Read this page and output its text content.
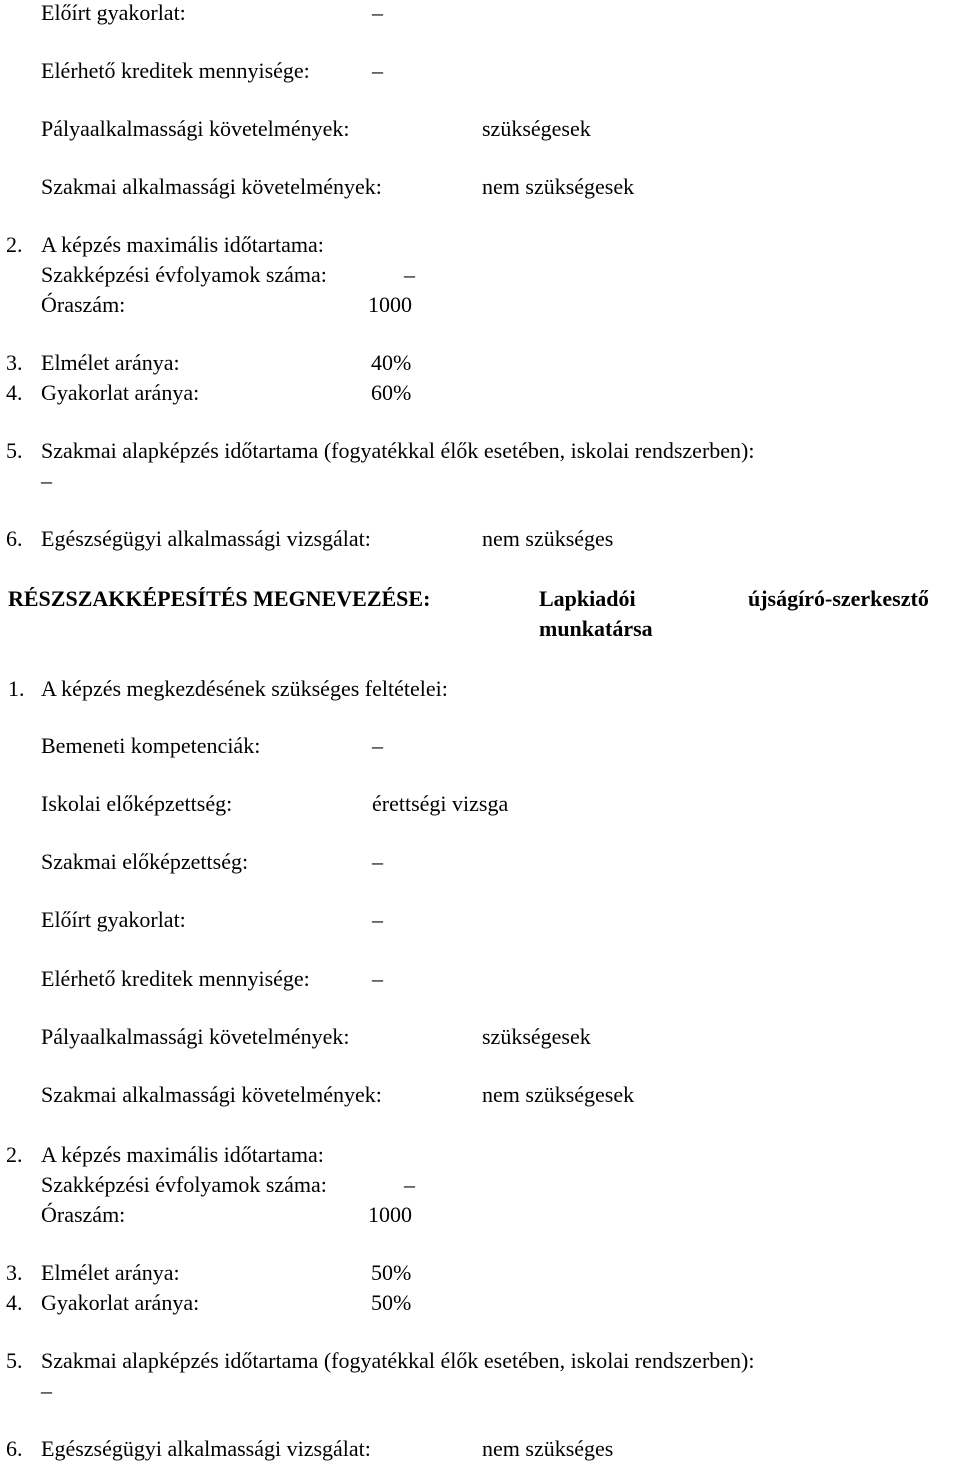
Előírt gyakorlat:	–
Elérhető kreditek mennyisége:	–
Pályaalkalmassági követelmények:	szükségesek
Szakmai alkalmassági követelmények:	nem szükségesek
2. A képzés maximális időtartama:
Szakképzési évfolyamok száma:	–
Óraszám:	1000
3. Elmélet aránya:	40%
4. Gyakorlat aránya:	60%
5. Szakmai alapképzés időtartama (fogyatékkal élők esetében, iskolai rendszerben):
–
6. Egészségügyi alkalmassági vizsgálat:	nem szükséges
RÉSZSZAKKÉPESÍTÉS MEGNEVEZÉSE:	Lapkiadói	újságíró-szerkesztő
munkatársa
1. A képzés megkezdésének szükséges feltételei:
Bemeneti kompetenciák:	–
Iskolai előképzettség:	érettségi vizsga
Szakmai előképzettség:	–
Előírt gyakorlat:	–
Elérhető kreditek mennyisége:	–
Pályaalkalmassági követelmények:	szükségesek
Szakmai alkalmassági követelmények:	nem szükségesek
2. A képzés maximális időtartama:
Szakképzési évfolyamok száma:	–
Óraszám:	1000
3. Elmélet aránya:	50%
4. Gyakorlat aránya:	50%
5. Szakmai alapképzés időtartama (fogyatékkal élők esetében, iskolai rendszerben):
–
6. Egészségügyi alkalmassági vizsgálat:	nem szükséges
